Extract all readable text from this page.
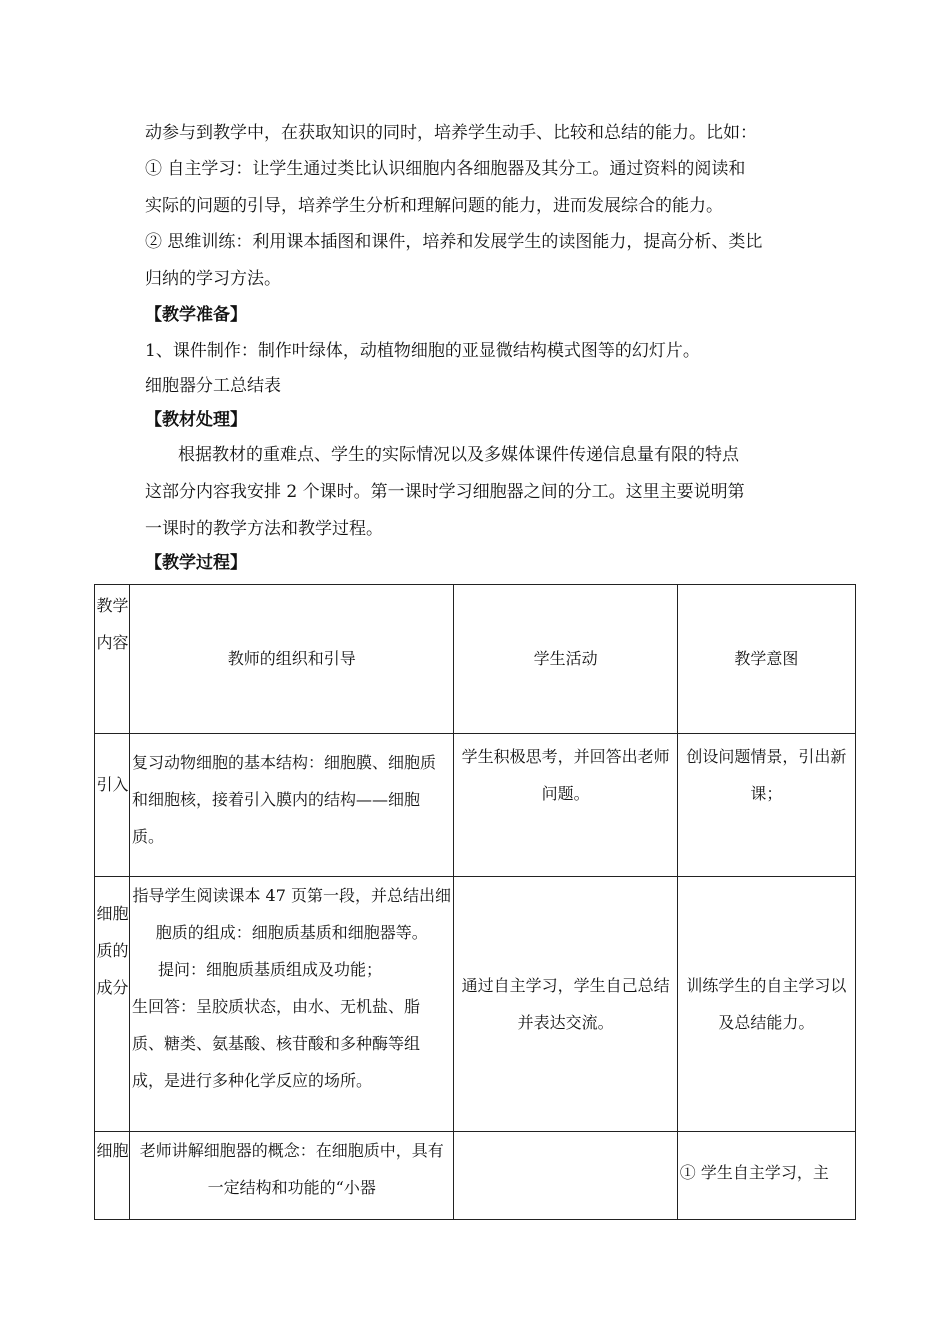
动参与到教学中，在获取知识的同时，培养学生动手、比较和总结的能力。比如：
① 自主学习：让学生通过类比认识细胞内各细胞器及其分工。通过资料的阅读和
实际的问题的引导，培养学生分析和理解问题的能力，进而发展综合的能力。
② 思维训练：利用课本插图和课件，培养和发展学生的读图能力，提高分析、类比
归纳的学习方法。
【教学准备】
1、课件制作：制作叶绿体，动植物细胞的亚显微结构模式图等的幻灯片。
细胞器分工总结表
【教材处理】
根据教材的重难点、学生的实际情况以及多媒体课件传递信息量有限的特点
这部分内容我安排 2 个课时。第一课时学习细胞器之间的分工。这里主要说明第
一课时的教学方法和教学过程。
【教学过程】
教学内容	教师的组织和引导	学生活动	教学意图

引入	复习动物细胞的基本结构：细胞膜、细胞质和细胞核，接着引入膜内的结构——细胞质。	学生积极思考，并回答出老师问题。	创设问题情景，引出新课；

细胞质的成分	指导学生阅读课本 47 页第一段，并总结出细胞质的组成：细胞质基质和细胞器等。
提问：细胞质基质组成及功能；
生回答：呈胶质状态，由水、无机盐、脂质、糖类、氨基酸、核苷酸和多种酶等组成，是进行多种化学反应的场所。	通过自主学习，学生自己总结并表达交流。	训练学生的自主学习以及总结能力。

细胞	老师讲解细胞器的概念：在细胞质中，具有一定结构和功能的“小器		① 学生自主学习，主
